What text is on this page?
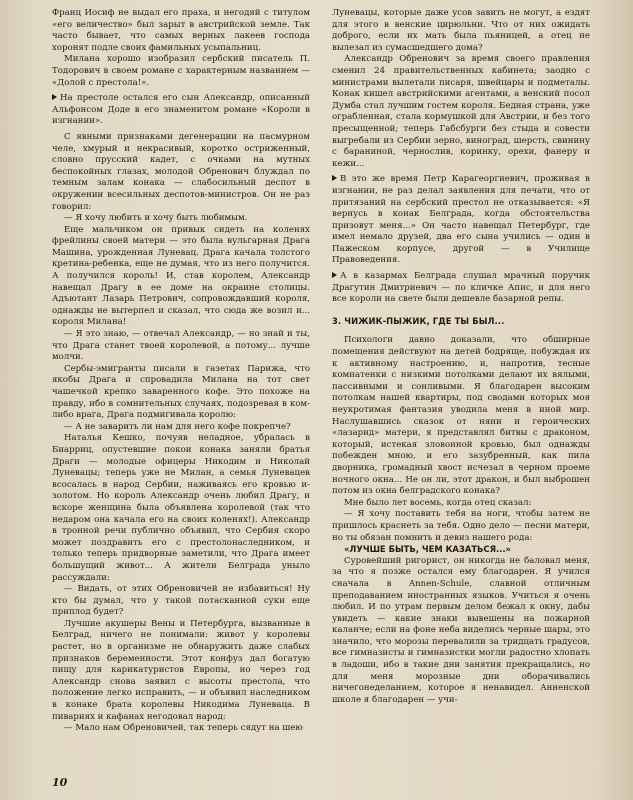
Франц Иосиф не выдал его праха, и негодяй с титулом «его величество» был зарыт в австрийской земле. Так часто бывает, что самых верных лакеев господа хоронят подле своих фамильных усыпальниц.

Милана хорошо изобразил сербский писатель П. Тодорович в своем романе с характерным названием — «Долой с престола!».

На престоле остался его сын Александр, описанный Альфонсом Доде в его знаменитом романе «Короли в изгнании».

С явными признаками дегенерации на пасмурном челе, хмурый и некрасивый, коротко остриженный, словно прусский кадет, с очками на мутных беспокойных глазах, молодой Обренович блуждал по темным залам конака — слабосильный деспот в окружении всесильных деспотов-министров. Он не раз говорил:

— Я хочу любить и хочу быть любимым.

Еще мальчиком он привык сидеть на коленях фрейлины своей матери — это была вульгарная Драга Машина, урожденная Луневац. Драга качала толстого кретина-ребенка, еще не думая, что из него получится. А получился король! И, став королем, Александр навещал Драгу в ее доме на окраине столицы. Адъютант Лазарь Петрович, сопровождавший короля, однажды не вытерпел и сказал, что сюда же возил и... короля Милана!

— Я это знаю, — отвечал Александр, — но знай и ты, что Драга станет твоей королевой, а потому... лучше молчи.

Сербы-эмигранты писали в газетах Парижа, что якобы Драга и спровадила Милана на тот свет чашечкой крепко заваренного кофе. Это похоже на правду, ибо в сомнительных случаях, подозревая в ком-либо врага, Драга подмигивала королю:

— А не заварить ли нам для него кофе покрепче?

Наталья Кешко, почуяв неладное, убралась в Биарриц, опустевшие покои конака заняли братья Драги — молодые офицеры Никодим и Николай Луневацы; теперь уже не Милан, а семья Луневацев всосалась в народ Сербии, наживаясь его кровью и-золотом. Но король Александр очень любил Драгу, и вскоре женщина была объявлена королевой (так что недаром она качала его на своих коленях!). Александр в тронной речи публично объявил, что Сербия скоро может поздравить его с престолонаследником, и только теперь придворные заметили, что Драга имеет большущий живот... А жители Белграда уныло рассуждали:

— Видать, от этих Обреновичей не избавиться! Ну кто бы думал, что у такой потасканной суки еще приплод будет?

Лучшие акушеры Вены и Петербурга, вызванные в Белград, ничего не понимали: живот у королевы растет, но в организме не обнаружить даже слабых признаков беременности. Этот конфуз дал богатую пищу для карикатуристов Европы, но через год Александр снова заявил с высоты престола, что положение легко исправить, — и объявил наследником в конаке брата королевы Никодима Луневаца. В пивариях и кафанах негодовал народ:

— Мало нам Обреновичей, так теперь сядут на шею

Луневацы, которые даже усов завить не могут, а ездят для этого в венские цирюльни. Что от них ожидать доброго, если их мать была пьяницей, а отец не вылезал из сумасшедшего дома?

Александр Обренович за время своего правления сменил 24 правительственных кабинета; заодно с министрами вылетали писаря, швейцары и подметалы. Конак кишел австрийскими агентами, а венский посол Думба стал лучшим гостем короля. Бедная страна, уже ограбленная, стала кормушкой для Австрии, и без того пресыщенной; теперь Габсбурги без стыда и совести выгребали из Сербии зерно, виноград, шерсть, свинину с бараниной, чернослив, коринку, орехи, фанеру и кежи...

В это же время Петр Карагеоргиевич, проживая в изгнании, не раз делал заявления для печати, что от притязаний на сербский престол не отказывается: «Я вернусь в конак Белграда, когда обстоятельства призовут меня...» Он часто навещал Петербург, где имел немало друзей, два его сына учились — один в Пажеском корпусе, другой — в Училище Правоведения.

А в казармах Белграда слушал мрачный поручик Драгутин Дмитриевич — по кличке Апис, и для него все короли на свете были дешевле базарной репы.

3. ЧИЖИК-ПЫЖИК, ГДЕ ТЫ БЫЛ...

Психологи давно доказали, что обширные помещения действуют на детей бодряще, побуждая их к активному настроению, и, напротив, тесные комнатенки с низкими потолками делают их вялыми, пассивными и сонливыми. Я благодарен высоким потолкам нашей квартиры, под сводами которых моя неукротимая фантазия уводила меня в иной мир. Наслушавшись сказок от няни и героических «лазарид» матери, я представлял битвы с драконом, который, истекая зловонной кровью, был однажды побежден мною, и его зазубренный, как пила дворника, громадный хвост исчезал в черном проеме ночного окна... Не он ли, этот дракон, и был выброшен потом из окна белградского конака?

Мне было лет восемь, когда отец сказал:

— Я хочу поставить тебя на ноги, чтобы затем не пришлось краснеть за тебя. Одно дело — песни матери, но ты обязан помнить и девиз нашего рода:

«ЛУЧШЕ БЫТЬ, ЧЕМ КАЗАТЬСЯ...»

Суровейший ригорист, он никогда не баловал меня, за что я позже остался ему благодарен. Я учился сначала в Annen-Schule, славной отличным преподаванием иностранных языков. Учиться я очень любил. И по утрам первым делом бежал к окну, дабы увидеть — какие знаки вывешены на пожарной каланче; если на фоне неба виделись черные шары, это значило, что морозы перевалили за тридцать градусов, все гимназисты и гимназистки могли радостно хлопать в ладоши, ибо в такие дни занятия прекращались, но для меня морозные дни оборачивались ничегонеделанием, которое я ненавидел. Анненской школе я благодарен — учи-

10
